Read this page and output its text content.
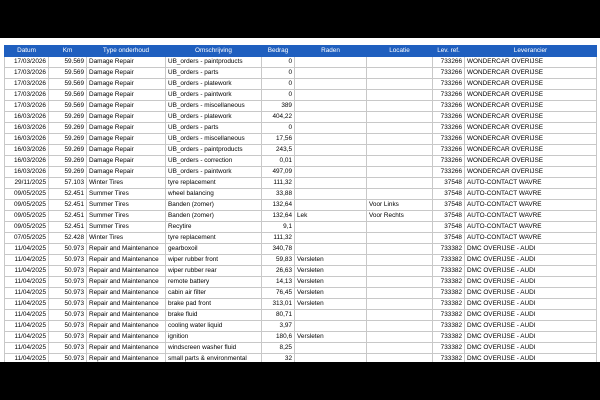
Datum	Km	Type onderhoud	Omschrijving	Bedrag	Raden	Locatie	Lev. ref.	Leverancier
17/03/2026	59.569	Damage Repair	UB_orders - paintproducts	0			733266	WONDERCAR OVERIJSE
17/03/2026	59.569	Damage Repair	UB_orders - parts	0			733266	WONDERCAR OVERIJSE
17/03/2026	59.569	Damage Repair	UB_orders - platework	0			733266	WONDERCAR OVERIJSE
17/03/2026	59.569	Damage Repair	UB_orders - paintwork	0			733266	WONDERCAR OVERIJSE
17/03/2026	59.569	Damage Repair	UB_orders - miscellaneous	389			733266	WONDERCAR OVERIJSE
16/03/2026	59.269	Damage Repair	UB_orders - platework	404,22			733266	WONDERCAR OVERIJSE
16/03/2026	59.269	Damage Repair	UB_orders - parts	0			733266	WONDERCAR OVERIJSE
16/03/2026	59.269	Damage Repair	UB_orders - miscellaneous	17,56			733266	WONDERCAR OVERIJSE
16/03/2026	59.269	Damage Repair	UB_orders - paintproducts	243,5			733266	WONDERCAR OVERIJSE
16/03/2026	59.269	Damage Repair	UB_orders - correction	0,01			733266	WONDERCAR OVERIJSE
16/03/2026	59.269	Damage Repair	UB_orders - paintwork	497,09			733266	WONDERCAR OVERIJSE
29/11/2025	57.103	Winter Tires	tyre replacement	111,32			37548	AUTO-CONTACT WAVRE
09/05/2025	52.451	Summer Tires	wheel balancing	33,88			37548	AUTO-CONTACT WAVRE
09/05/2025	52.451	Summer Tires	Banden (zomer)	132,64		Voor Links	37548	AUTO-CONTACT WAVRE
09/05/2025	52.451	Summer Tires	Banden (zomer)	132,64	Lek	Voor Rechts	37548	AUTO-CONTACT WAVRE
09/05/2025	52.451	Summer Tires	Recytire	9,1			37548	AUTO-CONTACT WAVRE
07/05/2025	52.428	Winter Tires	tyre replacement	111,32			37548	AUTO-CONTACT WAVRE
11/04/2025	50.973	Repair and Maintenance	gearboxoil	340,78			733382	DMC OVERIJSE - AUDI
11/04/2025	50.973	Repair and Maintenance	wiper rubber front	59,83	Versleten		733382	DMC OVERIJSE - AUDI
11/04/2025	50.973	Repair and Maintenance	wiper rubber rear	26,63	Versleten		733382	DMC OVERIJSE - AUDI
11/04/2025	50.973	Repair and Maintenance	remote battery	14,13	Versleten		733382	DMC OVERIJSE - AUDI
11/04/2025	50.973	Repair and Maintenance	cabin air filter	76,45	Versleten		733382	DMC OVERIJSE - AUDI
11/04/2025	50.973	Repair and Maintenance	brake pad front	313,01	Versleten		733382	DMC OVERIJSE - AUDI
11/04/2025	50.973	Repair and Maintenance	brake fluid	80,71			733382	DMC OVERIJSE - AUDI
11/04/2025	50.973	Repair and Maintenance	cooling water liquid	3,97			733382	DMC OVERIJSE - AUDI
11/04/2025	50.973	Repair and Maintenance	ignition	180,6	Versleten		733382	DMC OVERIJSE - AUDI
11/04/2025	50.973	Repair and Maintenance	windscreen washer fluid	8,25			733382	DMC OVERIJSE - AUDI
11/04/2025	50.973	Repair and Maintenance	small parts & environmental	32			733382	DMC OVERIJSE - AUDI
